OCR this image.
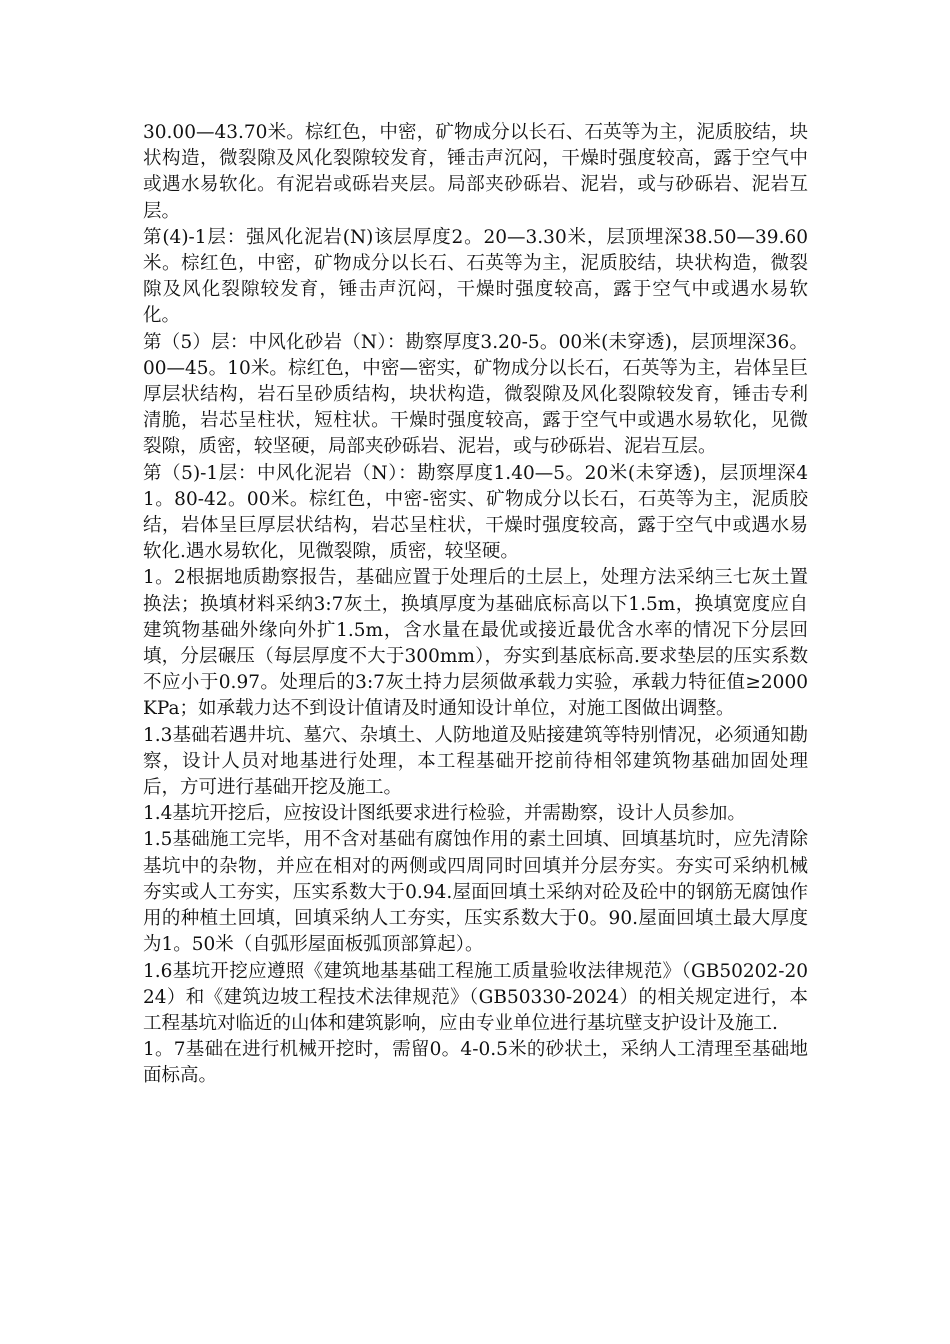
30.00—43.70米。棕红色，中密，矿物成分以长石、石英等为主，泥质胶结，块状构造，微裂隙及风化裂隙较发育，锤击声沉闷，干燥时强度较高，露于空气中或遇水易软化。有泥岩或砾岩夹层。局部夹砂砾岩、泥岩，或与砂砾岩、泥岩互层。

第(4)-1层：强风化泥岩(N)该层厚度2。20—3.30米，层顶埋深38.50—39.60米。棕红色，中密，矿物成分以长石、石英等为主，泥质胶结，块状构造，微裂隙及风化裂隙较发育，锤击声沉闷，干燥时强度较高，露于空气中或遇水易软化。

第（5）层：中风化砂岩（N）：勘察厚度3.20-5。00米(未穿透)，层顶埋深36。00—45。10米。棕红色，中密—密实，矿物成分以长石，石英等为主，岩体呈巨厚层状结构，岩石呈砂质结构，块状构造，微裂隙及风化裂隙较发育，锤击专利清脆，岩芯呈柱状，短柱状。干燥时强度较高，露于空气中或遇水易软化，见微裂隙，质密，较坚硬，局部夹砂砾岩、泥岩，或与砂砾岩、泥岩互层。

第（5)-1层：中风化泥岩（N）：勘察厚度1.40—5。20米(未穿透)，层顶埋深41。80-42。00米。棕红色，中密-密实、矿物成分以长石，石英等为主，泥质胶结，岩体呈巨厚层状结构，岩芯呈柱状，干燥时强度较高，露于空气中或遇水易软化.遇水易软化，见微裂隙，质密，较坚硬。

1。2根据地质勘察报告，基础应置于处理后的土层上，处理方法采纳三七灰土置换法；换填材料采纳3:7灰土，换填厚度为基础底标高以下1.5m，换填宽度应自建筑物基础外缘向外扩1.5m，含水量在最优或接近最优含水率的情况下分层回填，分层碾压（每层厚度不大于300mm），夯实到基底标高.要求垫层的压实系数不应小于0.97。处理后的3:7灰土持力层须做承载力实验，承载力特征值≥2000KPa；如承载力达不到设计值请及时通知设计单位，对施工图做出调整。

1.3基础若遇井坑、墓穴、杂填土、人防地道及贴接建筑等特别情况，必须通知勘察，设计人员对地基进行处理，本工程基础开挖前待相邻建筑物基础加固处理后，方可进行基础开挖及施工。

1.4基坑开挖后，应按设计图纸要求进行检验，并需勘察，设计人员参加。

1.5基础施工完毕，用不含对基础有腐蚀作用的素土回填、回填基坑时，应先清除基坑中的杂物，并应在相对的两侧或四周同时回填并分层夯实。夯实可采纳机械夯实或人工夯实，压实系数大于0.94.屋面回填土采纳对砼及砼中的钢筋无腐蚀作用的种植土回填，回填采纳人工夯实，压实系数大于0。90.屋面回填土最大厚度为1。50米（自弧形屋面板弧顶部算起）。

1.6基坑开挖应遵照《建筑地基基础工程施工质量验收法律规范》（GB50202-2024）和《建筑边坡工程技术法律规范》（GB50330-2024）的相关规定进行，本工程基坑对临近的山体和建筑影响，应由专业单位进行基坑壁支护设计及施工.

1。7基础在进行机械开挖时，需留0。4-0.5米的砂状土，采纳人工清理至基础地面标高。
